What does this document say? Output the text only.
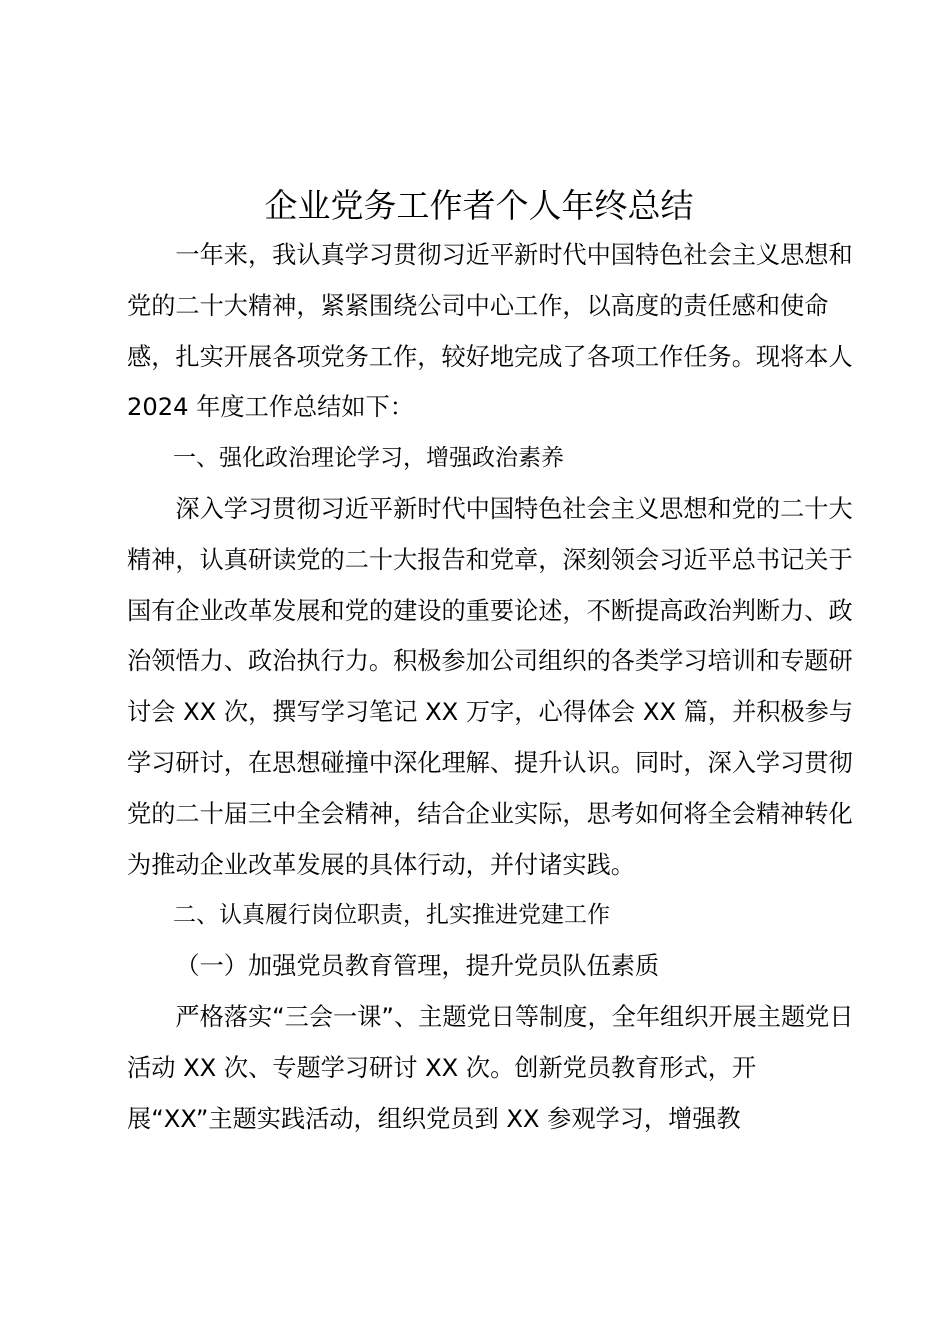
企业党务工作者个人年终总结

一年来，我认真学习贯彻习近平新时代中国特色社会主义思想和党的二十大精神，紧紧围绕公司中心工作，以高度的责任感和使命感，扎实开展各项党务工作，较好地完成了各项工作任务。现将本人 2024 年度工作总结如下：

一、强化政治理论学习，增强政治素养

深入学习贯彻习近平新时代中国特色社会主义思想和党的二十大精神，认真研读党的二十大报告和党章，深刻领会习近平总书记关于国有企业改革发展和党的建设的重要论述，不断提高政治判断力、政治领悟力、政治执行力。积极参加公司组织的各类学习培训和专题研讨会 XX 次，撰写学习笔记 XX 万字，心得体会 XX 篇，并积极参与学习研讨，在思想碰撞中深化理解、提升认识。同时，深入学习贯彻党的二十届三中全会精神，结合企业实际，思考如何将全会精神转化为推动企业改革发展的具体行动，并付诸实践。

二、认真履行岗位职责，扎实推进党建工作

（一）加强党员教育管理，提升党员队伍素质

严格落实“三会一课”、主题党日等制度，全年组织开展主题党日活动 XX 次、专题学习研讨 XX 次。创新党员教育形式，开展“XX”主题实践活动，组织党员到 XX 参观学习，增强教
